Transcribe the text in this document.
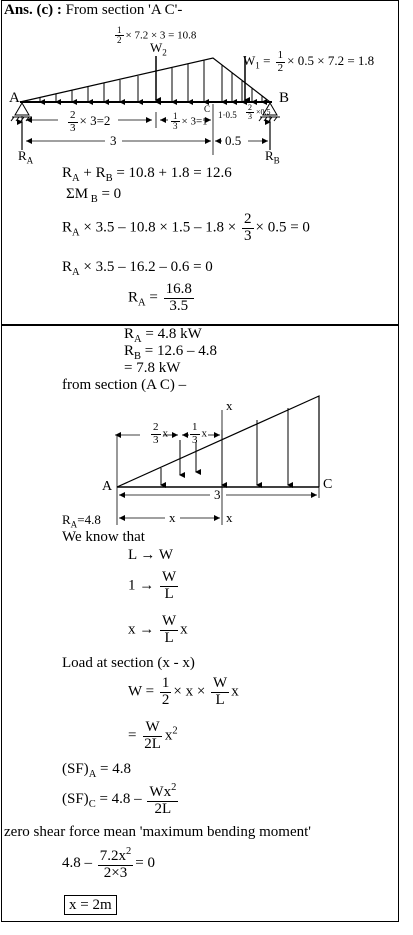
Ans. (c) : From section 'A C'-
$\frac{1}{2} \times 7.2 \times 3 = 10.8$
$W_2$
$W_1 = \frac{1}{2} \times 0.5 \times 7.2 = 1.8$
A	B
C
$\frac{2}{3} \times 3=2$	$\frac{1}{3} \times 3=1$
$1\cdot 0.5 \frac{2}{3} \times 0.5$
3	0.5
$R_A$	$R_B$
$R_A + R_B = 10.8 + 1.8 = 12.6$
ΣM $_B$ = 0
$R_A \times 3.5 - 10.8 \times 1.5 - 1.8 \times \frac{2}{3} \times 0.5 = 0$
$R_A \times 3.5 - 16.2 - 0.6 = 0$
$R_A = \frac{16.8}{3.5}$
$R_A = 4.8$ kW
$R_B = 12.6 - 4.8$
= 7.8 kW
from section (A C) –
x
$\frac{2}{3}$ x $\frac{1}{3}$ x
A	C
3
$R_A=4.8$	x	x
We know that
L → W
$1 \to \frac{W}{L}$
$x \to \frac{W}{L}$ x
Load at section (x - x)
$W = \frac{1}{2} \times x \times \frac{W}{L}$ x
= $\frac{W}{2L} x^2$
$(SF)_A = 4.8$
$(SF)_C = 4.8 - \frac{Wx^2}{2L}$
zero shear force mean 'maximum bending moment'
$4.8 - \frac{7.2x^2}{2\times 3} = 0$
x = 2m
